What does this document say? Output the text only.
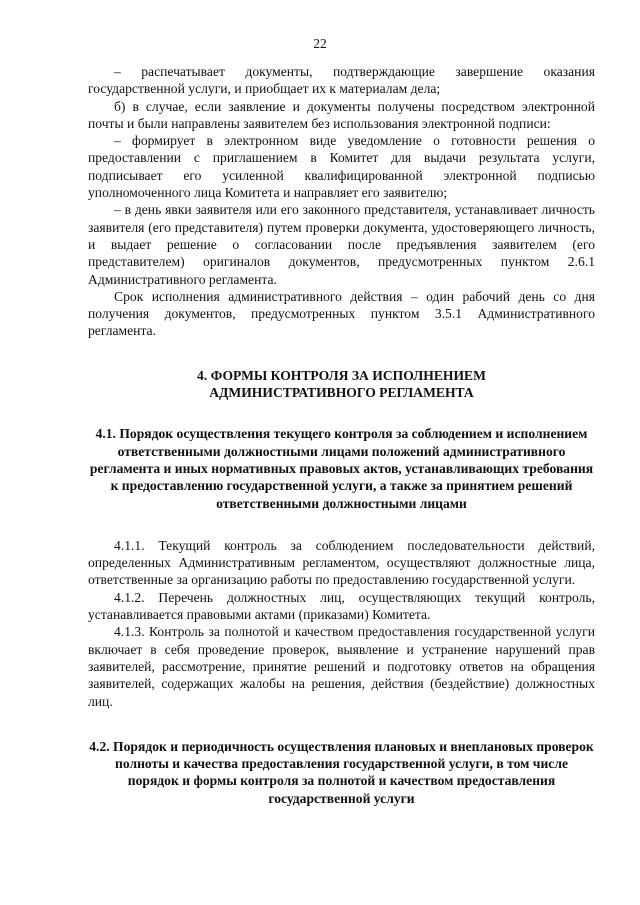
22

– распечатывает документы, подтверждающие завершение оказания государственной услуги, и приобщает их к материалам дела;

б) в случае, если заявление и документы получены посредством электронной почты и были направлены заявителем без использования электронной подписи:

– формирует в электронном виде уведомление о готовности решения о предоставлении с приглашением в Комитет для выдачи результата услуги, подписывает его усиленной квалифицированной электронной подписью уполномоченного лица Комитета и направляет его заявителю;

– в день явки заявителя или его законного представителя, устанавливает личность заявителя (его представителя) путем проверки документа, удостоверяющего личность, и выдает решение о согласовании после предъявления заявителем (его представителем) оригиналов документов, предусмотренных пунктом 2.6.1 Административного регламента.

Срок исполнения административного действия – один рабочий день со дня получения документов, предусмотренных пунктом 3.5.1 Административного регламента.

4. ФОРМЫ КОНТРОЛЯ ЗА ИСПОЛНЕНИЕМ
АДМИНИСТРАТИВНОГО РЕГЛАМЕНТА
4.1. Порядок осуществления текущего контроля за соблюдением и исполнением ответственными должностными лицами положений административного регламента и иных нормативных правовых актов, устанавливающих требования к предоставлению государственной услуги, а также за принятием решений ответственными должностными лицами

4.1.1. Текущий контроль за соблюдением последовательности действий, определенных Административным регламентом, осуществляют должностные лица, ответственные за организацию работы по предоставлению государственной услуги.

4.1.2. Перечень должностных лиц, осуществляющих текущий контроль, устанавливается правовыми актами (приказами) Комитета.

4.1.3. Контроль за полнотой и качеством предоставления государственной услуги включает в себя проведение проверок, выявление и устранение нарушений прав заявителей, рассмотрение, принятие решений и подготовку ответов на обращения заявителей, содержащих жалобы на решения, действия (бездействие) должностных лиц.

4.2. Порядок и периодичность осуществления плановых и внеплановых проверок полноты и качества предоставления государственной услуги, в том числе порядок и формы контроля за полнотой и качеством предоставления государственной услуги
